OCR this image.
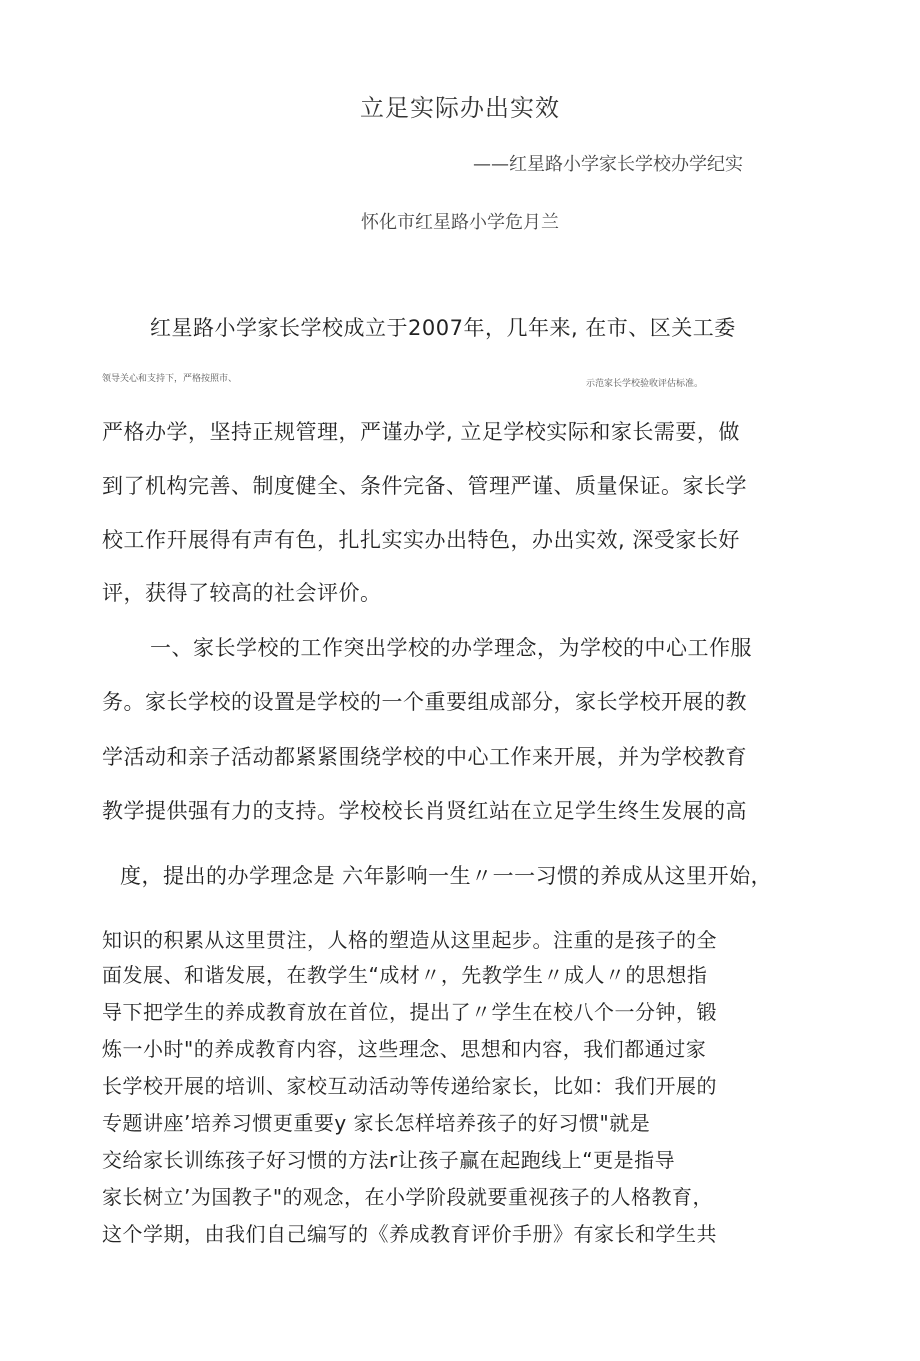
立足实际办出实效
——红星路小学家长学校办学纪实
怀化市红星路小学危月兰
红星路小学家长学校成立于2007年，几年来, 在市、区关工委
领导关心和支持下，严格按照市、	示范家长学校验收评估标准。
严格办学，坚持正规管理，严谨办学, 立足学校实际和家长需要，做
到了机构完善、制度健全、条件完备、管理严谨、质量保证。家长学
校工作幵展得有声有色，扎扎实实办出特色，办出实效, 深受家长好
评，获得了较高的社会评价。
一、家长学校的工作突出学校的办学理念，为学校的中心工作服
务。家长学校的设置是学校的一个重要组成部分，家长学校开展的教
学活动和亲子活动都紧紧围绕学校的中心工作来开展，并为学校教育
教学提供强有力的支持。学校校长肖贤红站在立足学生终生发展的高
度，提出的办学理念是 六年影响一生〃一一习惯的养成从这里开始，
知识的积累从这里贯注，人格的塑造从这里起步。注重的是孩子的全
面发展、和谐发展，在教学生“成材〃，先教学生〃成人〃的思想指
导下把学生的养成教育放在首位，提出了〃学生在校八个一分钟，锻
炼一小时"的养成教育内容，这些理念、思想和内容，我们都通过家
长学校开展的培训、家校互动活动等传递给家长，比如：我们开展的
专题讲座’培养习惯更重要y 家长怎样培养孩子的好习惯"就是
交给家长训练孩子好习惯的方法r让孩子赢在起跑线上“更是指导
家长树立’为国教子"的观念，在小学阶段就要重视孩子的人格教育，
这个学期，由我们自己编写的《养成教育评价手册》有家长和学生共
